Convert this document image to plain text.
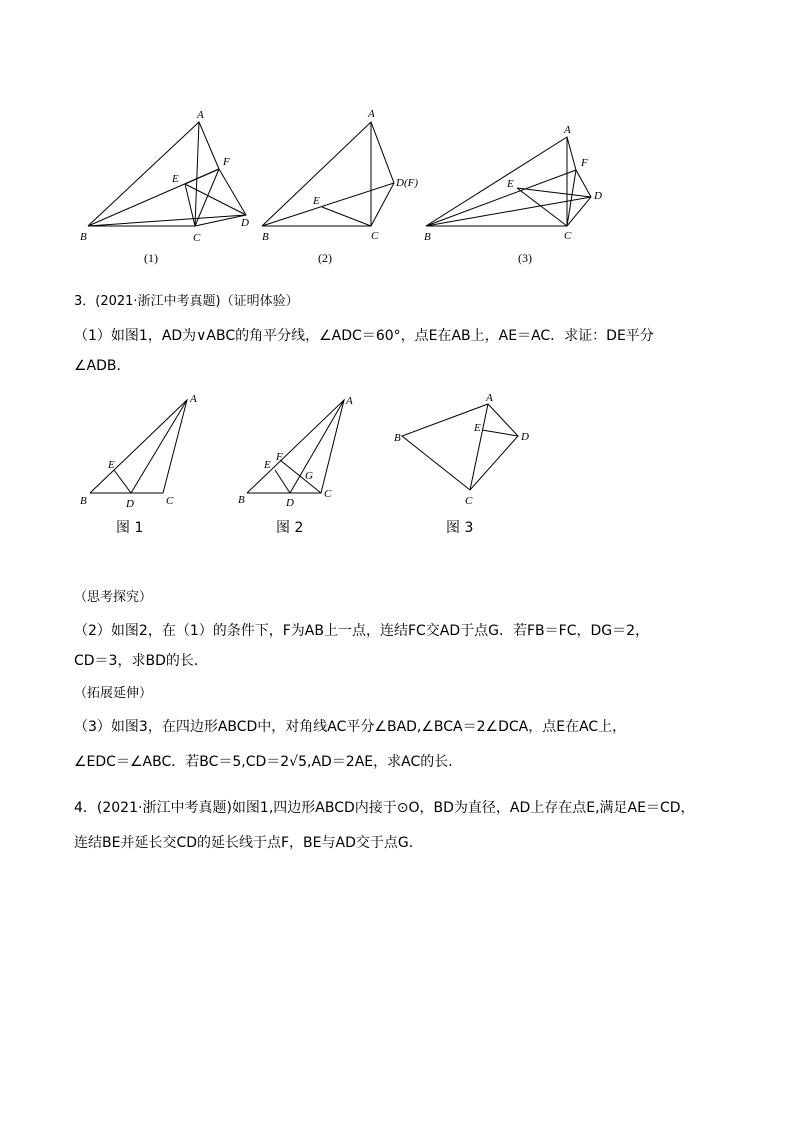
A
B	C
D
E
F
(1)
A
B	C
D(F)
E
(2)
A
B	C
D
E
F
(3)
3．(2021·浙江中考真题)（证明体验）
（1）如图1，AD为∨ABC的角平分线，∠ADC＝60°，点E在AB上，AE＝AC．求证：DE平分
∠ADB．
A
B	C
D
E
图 1
A
B	C
D
E
F
G
图 2
A
B
C
D
E
图 3
（思考探究）
（2）如图2，在（1）的条件下，F为AB上一点，连结FC交AD于点G．若FB＝FC，DG＝2，
CD＝3，求BD的长．
（拓展延伸）
（3）如图3，在四边形ABCD中，对角线AC平分∠BAD,∠BCA＝2∠DCA，点E在AC上，
∠EDC＝∠ABC．若BC＝5,CD＝2√5,AD＝2AE，求AC的长．
4．(2021·浙江中考真题)如图1,四边形ABCD内接于⊙O，BD为直径，AD上存在点E,满足AE＝CD，
连结BE并延长交CD的延长线于点F，BE与AD交于点G．
